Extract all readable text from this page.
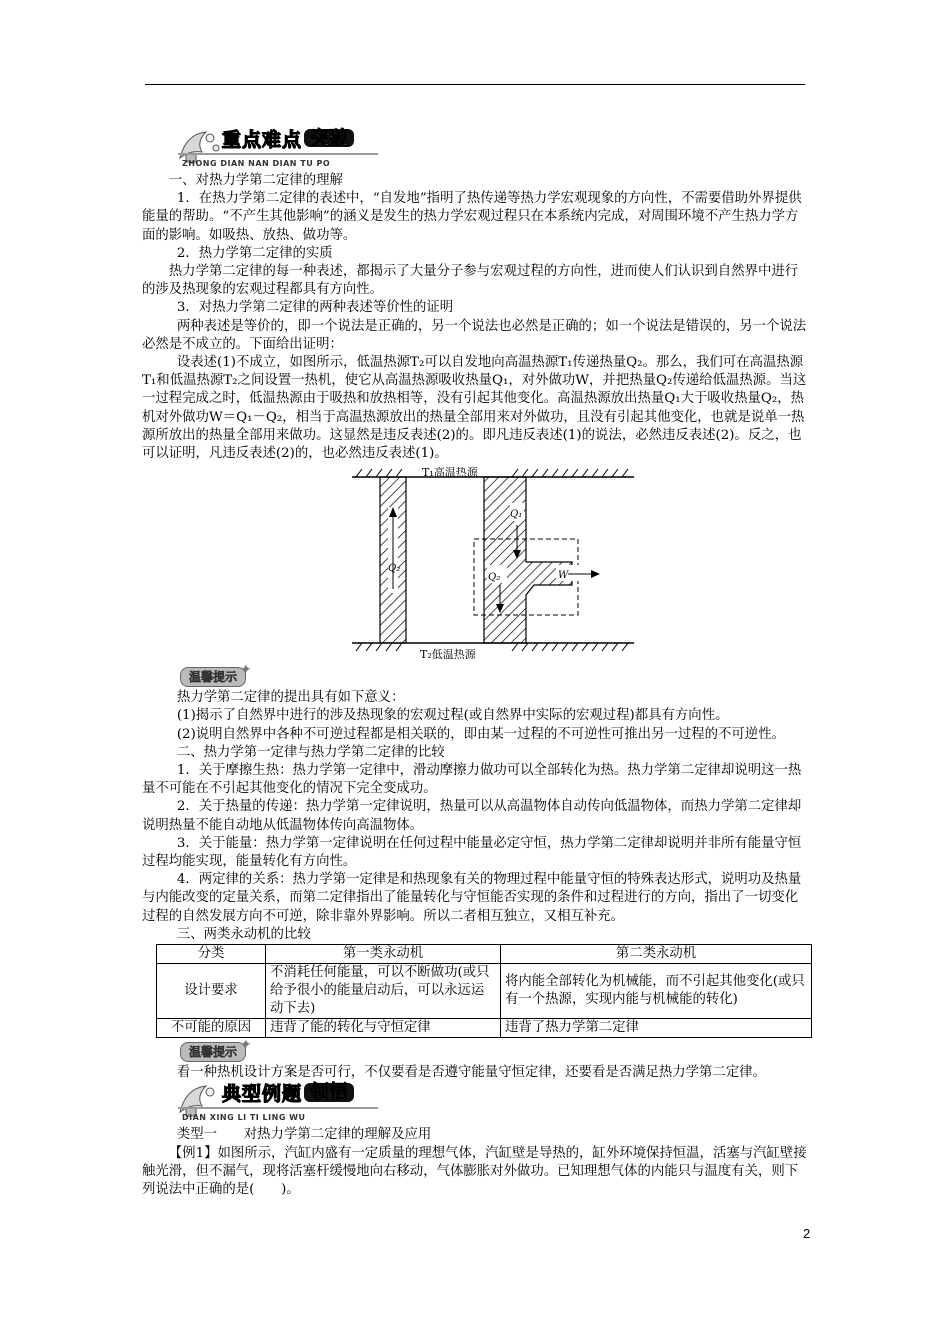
重点难点 突破
ZHONG DIAN NAN DIAN TU PO

一、对热力学第二定律的理解

1．在热力学第二定律的表述中，“自发地”指明了热传递等热力学宏观现象的方向性，不需要借助外界提供能量的帮助。“不产生其他影响”的涵义是发生的热力学宏观过程只在本系统内完成，对周围环境不产生热力学方面的影响。如吸热、放热、做功等。

2．热力学第二定律的实质

热力学第二定律的每一种表述，都揭示了大量分子参与宏观过程的方向性，进而使人们认识到自然界中进行的涉及热现象的宏观过程都具有方向性。

3．对热力学第二定律的两种表述等价性的证明

两种表述是等价的，即一个说法是正确的，另一个说法也必然是正确的；如一个说法是错误的，另一个说法必然是不成立的。下面给出证明：

设表述(1)不成立，如图所示，低温热源T₂可以自发地向高温热源T₁传递热量Q₂。那么，我们可在高温热源T₁和低温热源T₂之间设置一热机，使它从高温热源吸收热量Q₁，对外做功W，并把热量Q₂传递给低温热源。当这一过程完成之时，低温热源由于吸热和放热相等，没有引起其他变化。高温热源放出热量Q₁大于吸收热量Q₂，热机对外做功W＝Q₁－Q₂，相当于高温热源放出的热量全部用来对外做功，且没有引起其他变化，也就是说单一热源所放出的热量全部用来做功。这显然是违反表述(2)的。即凡违反表述(1)的说法，必然违反表述(2)。反之，也可以证明，凡违反表述(2)的，也必然违反表述(1)。

T₁高温热源
T₂低温热源
Q₂
Q₁
Q₂	W
温馨提示 ✦

热力学第二定律的提出具有如下意义：

(1)揭示了自然界中进行的涉及热现象的宏观过程(或自然界中实际的宏观过程)都具有方向性。

(2)说明自然界中各种不可逆过程都是相关联的，即由某一过程的不可逆性可推出另一过程的不可逆性。

二、热力学第一定律与热力学第二定律的比较

1．关于摩擦生热：热力学第一定律中，滑动摩擦力做功可以全部转化为热。热力学第二定律却说明这一热量不可能在不引起其他变化的情况下完全变成功。

2．关于热量的传递：热力学第一定律说明，热量可以从高温物体自动传向低温物体，而热力学第二定律却说明热量不能自动地从低温物体传向高温物体。

3．关于能量：热力学第一定律说明在任何过程中能量必定守恒，热力学第二定律却说明并非所有能量守恒过程均能实现，能量转化有方向性。

4．两定律的关系：热力学第一定律是和热现象有关的物理过程中能量守恒的特殊表达形式，说明功及热量与内能改变的定量关系，而第二定律指出了能量转化与守恒能否实现的条件和过程进行的方向，指出了一切变化过程的自然发展方向不可逆，除非靠外界影响。所以二者相互独立，又相互补充。

三、两类永动机的比较

分类	第一类永动机	第二类永动机
设计要求	不消耗任何能量，可以不断做功(或只给予很小的能量启动后，可以永远运动下去)	将内能全部转化为机械能，而不引起其他变化(或只有一个热源，实现内能与机械能的转化)
不可能的原因	违背了能的转化与守恒定律	违背了热力学第二定律
温馨提示 ✦

看一种热机设计方案是否可行，不仅要看是否遵守能量守恒定律，还要看是否满足热力学第二定律。

典型例题 领悟
DIAN XING LI TI LING WU

类型一　　 对热力学第二定律的理解及应用

【例1】如图所示，汽缸内盛有一定质量的理想气体，汽缸壁是导热的，缸外环境保持恒温，活塞与汽缸壁接触光滑，但不漏气，现将活塞杆缓慢地向右移动，气体膨胀对外做功。已知理想气体的内能只与温度有关，则下列说法中正确的是(　　)。

2
